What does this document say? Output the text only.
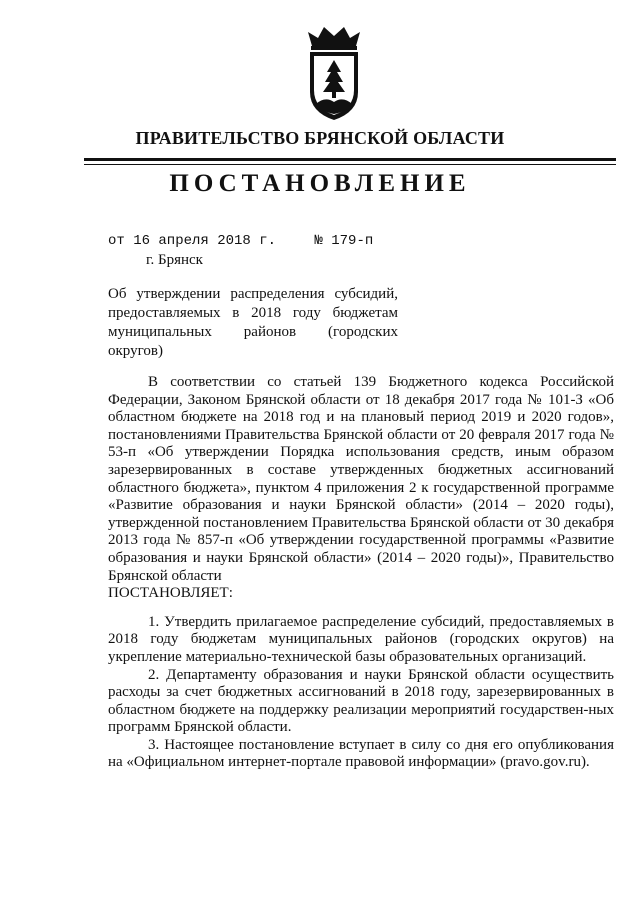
ПРАВИТЕЛЬСТВО БРЯНСКОЙ ОБЛАСТИ
ПОСТАНОВЛЕНИЕ
от 16 апреля 2018 г.	№ 179-п
г. Брянск
Об утверждении распределения субсидий,
предоставляемых в 2018 году бюджетам
муниципальных районов (городских округов)

В соответствии со статьей 139 Бюджетного кодекса Российской Федерации, Законом Брянской области от 18 декабря 2017 года № 101-З «Об областном бюджете на 2018 год и на плановый период 2019 и 2020 годов», постановлениями Правительства Брянской области от 20 февраля 2017 года № 53-п «Об утверждении Порядка использования средств, иным образом зарезервированных в составе утвержденных бюджетных ассигнований областного бюджета», пунктом 4 приложения 2 к государственной программе «Развитие образования и науки Брянской области» (2014 – 2020 годы), утвержденной постановлением Правительства Брянской области от 30 декабря 2013 года № 857-п «Об утверждении государственной программы «Развитие образования и науки Брянской области» (2014 – 2020 годы)», Правительство Брянской области

ПОСТАНОВЛЯЕТ:

1. Утвердить прилагаемое распределение субсидий, предоставляемых в 2018 году бюджетам муниципальных районов (городских округов) на укрепление материально-технической базы образовательных организаций.

2. Департаменту образования и науки Брянской области осуществить расходы за счет бюджетных ассигнований в 2018 году, зарезервированных в областном бюджете на поддержку реализации мероприятий государствен-ных программ Брянской области.

3. Настоящее постановление вступает в силу со дня его опубликования на «Официальном интернет-портале правовой информации» (pravo.gov.ru).
